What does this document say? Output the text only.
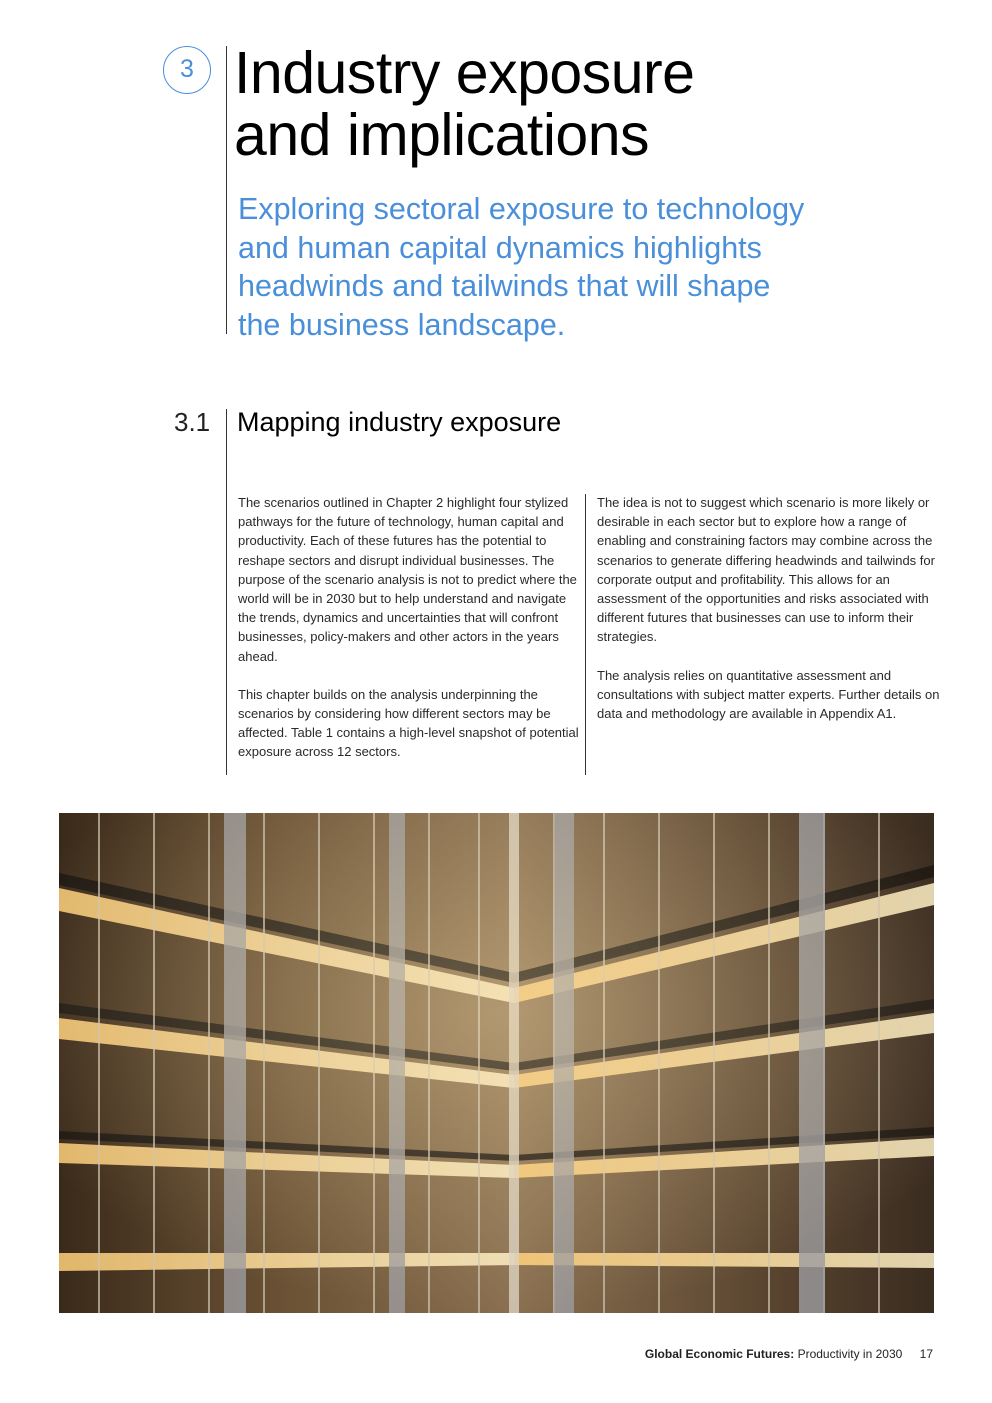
3 Industry exposure
and implications
Exploring sectoral exposure to technology
and human capital dynamics highlights
headwinds and tailwinds that will shape
the business landscape.
3.1 Mapping industry exposure

The scenarios outlined in Chapter 2 highlight four stylized pathways for the future of technology, human capital and productivity. Each of these futures has the potential to reshape sectors and disrupt individual businesses. The purpose of the scenario analysis is not to predict where the world will be in 2030 but to help understand and navigate the trends, dynamics and uncertainties that will confront businesses, policy-makers and other actors in the years ahead.

This chapter builds on the analysis underpinning the scenarios by considering how different sectors may be affected. Table 1 contains a high-level snapshot of potential exposure across 12 sectors.

The idea is not to suggest which scenario is more likely or desirable in each sector but to explore how a range of enabling and constraining factors may combine across the scenarios to generate differing headwinds and tailwinds for corporate output and profitability. This allows for an assessment of the opportunities and risks associated with different futures that businesses can use to inform their strategies.

The analysis relies on quantitative assessment and consultations with subject matter experts. Further details on data and methodology are available in Appendix A1.

Global Economic Futures: Productivity in 2030 17
